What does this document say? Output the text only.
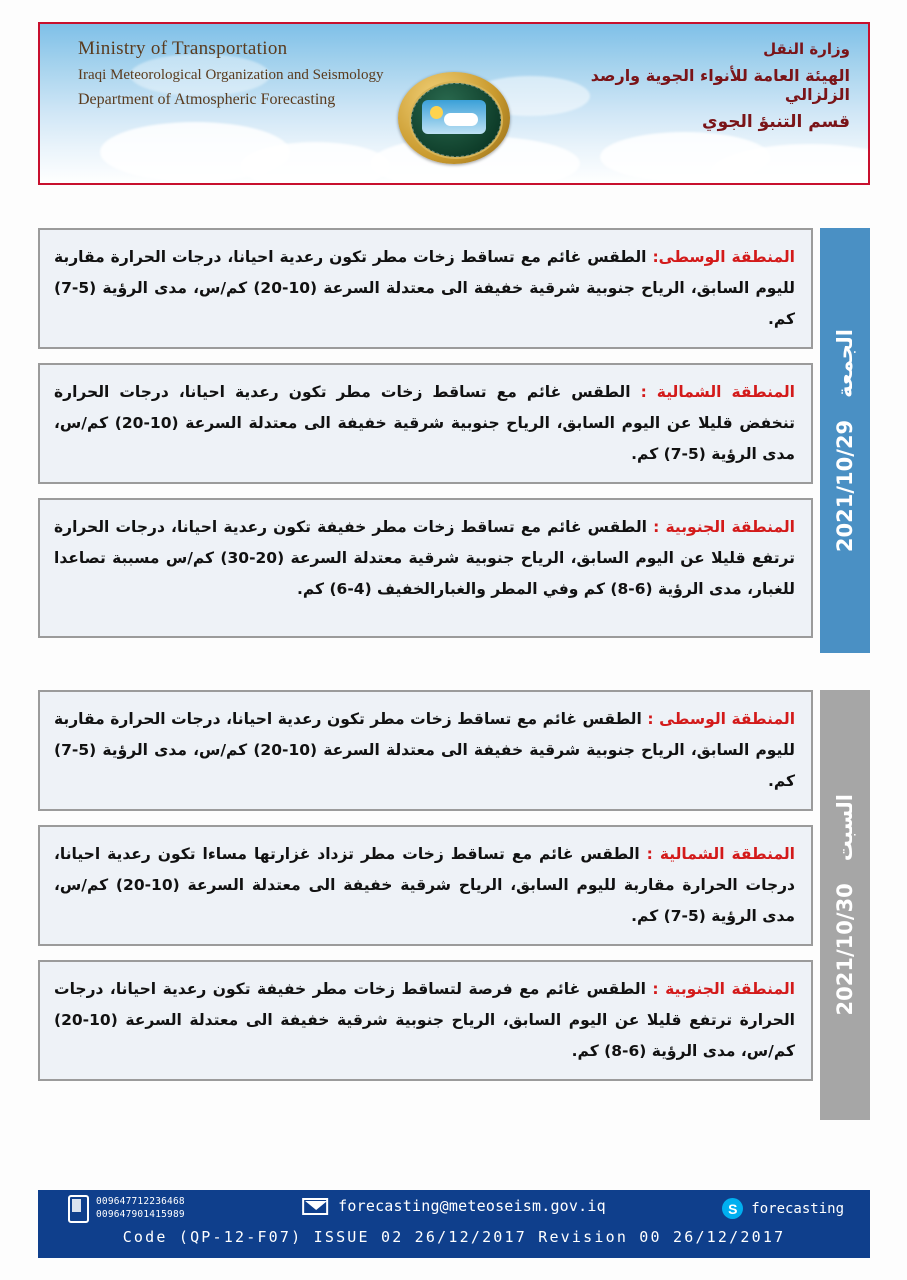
Ministry of Transportation
Iraqi Meteorological Organization and Seismology
Department of Atmospheric Forecasting
وزارة النقل
الهيئة العامة للأنواء الجوية وارصد الزلزالي
قسم التنبؤ الجوي
المنطقة الوسطى: الطقس غائم مع تساقط زخات مطر تكون رعدية احيانا، درجات الحرارة مقاربة لليوم السابق، الرياح جنوبية شرقية خفيفة الى معتدلة السرعة (10-20) كم/س، مدى الرؤية (5-7) كم.
المنطقة الشمالية : الطقس غائم مع تساقط زخات مطر تكون رعدية احيانا، درجات الحرارة تنخفض قليلا عن اليوم السابق، الرياح جنوبية شرقية خفيفة الى معتدلة السرعة (10-20) كم/س، مدى الرؤية (5-7) كم.
المنطقة الجنوبية : الطقس غائم مع تساقط زخات مطر خفيفة تكون رعدية احيانا، درجات الحرارة ترتفع قليلا عن اليوم السابق، الرياح جنوبية شرقية معتدلة السرعة (20-30) كم/س مسببة تصاعدا للغبار، مدى الرؤية (6-8) كم وفي المطر والغبارالخفيف (4-6) كم.
الجمعة   2021/10/29
المنطقة الوسطى : الطقس غائم مع تساقط زخات مطر تكون رعدية احيانا، درجات الحرارة مقاربة لليوم السابق، الرياح جنوبية شرقية خفيفة الى معتدلة السرعة (10-20) كم/س، مدى الرؤية (5-7) كم.
المنطقة الشمالية : الطقس غائم مع تساقط زخات مطر تزداد غزارتها مساءا تكون رعدية احيانا، درجات الحرارة مقاربة لليوم السابق، الرياح شرقية خفيفة الى معتدلة السرعة (10-20) كم/س، مدى الرؤية (5-7) كم.
المنطقة الجنوبية : الطقس غائم مع فرصة لتساقط زخات مطر خفيفة تكون رعدية احيانا، درجات الحرارة ترتفع قليلا عن اليوم السابق، الرياح جنوبية شرقية خفيفة الى معتدلة السرعة (10-20) كم/س، مدى الرؤية (6-8) كم.
السبت   2021/10/30
009647712236468
009647901415989	forecasting@meteoseism.gov.iq	S forecasting
Code (QP-12-F07) ISSUE 02 26/12/2017 Revision 00 26/12/2017
